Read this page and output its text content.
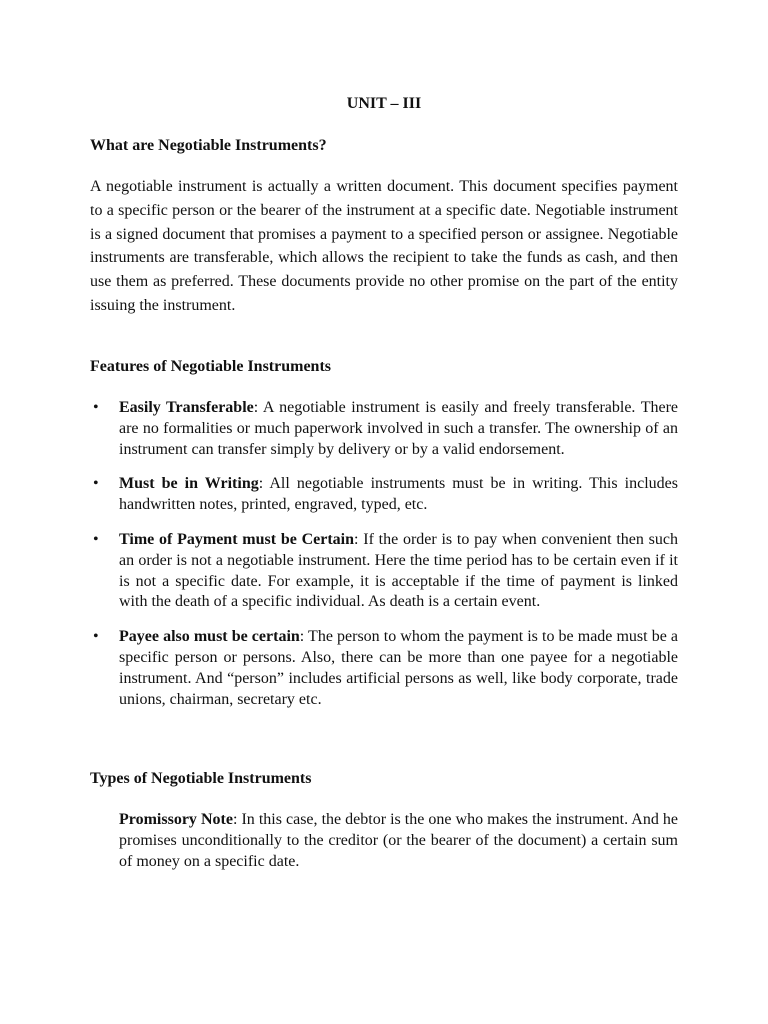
UNIT – III
What are Negotiable Instruments?

A negotiable instrument is actually a written document. This document specifies payment to a specific person or the bearer of the instrument at a specific date. Negotiable instrument is a signed document that promises a payment to a specified person or assignee. Negotiable instruments are transferable, which allows the recipient to take the funds as cash, and then use them as preferred. These documents provide no other promise on the part of the entity issuing the instrument.

Features of Negotiable Instruments
• Easily Transferable: A negotiable instrument is easily and freely transferable. There are no formalities or much paperwork involved in such a transfer. The ownership of an instrument can transfer simply by delivery or by a valid endorsement.
• Must be in Writing: All negotiable instruments must be in writing. This includes handwritten notes, printed, engraved, typed, etc.
• Time of Payment must be Certain: If the order is to pay when convenient then such an order is not a negotiable instrument. Here the time period has to be certain even if it is not a specific date. For example, it is acceptable if the time of payment is linked with the death of a specific individual. As death is a certain event.
• Payee also must be certain: The person to whom the payment is to be made must be a specific person or persons. Also, there can be more than one payee for a negotiable instrument. And “person” includes artificial persons as well, like body corporate, trade unions, chairman, secretary etc.
Types of Negotiable Instruments

Promissory Note: In this case, the debtor is the one who makes the instrument. And he promises unconditionally to the creditor (or the bearer of the document) a certain sum of money on a specific date.
